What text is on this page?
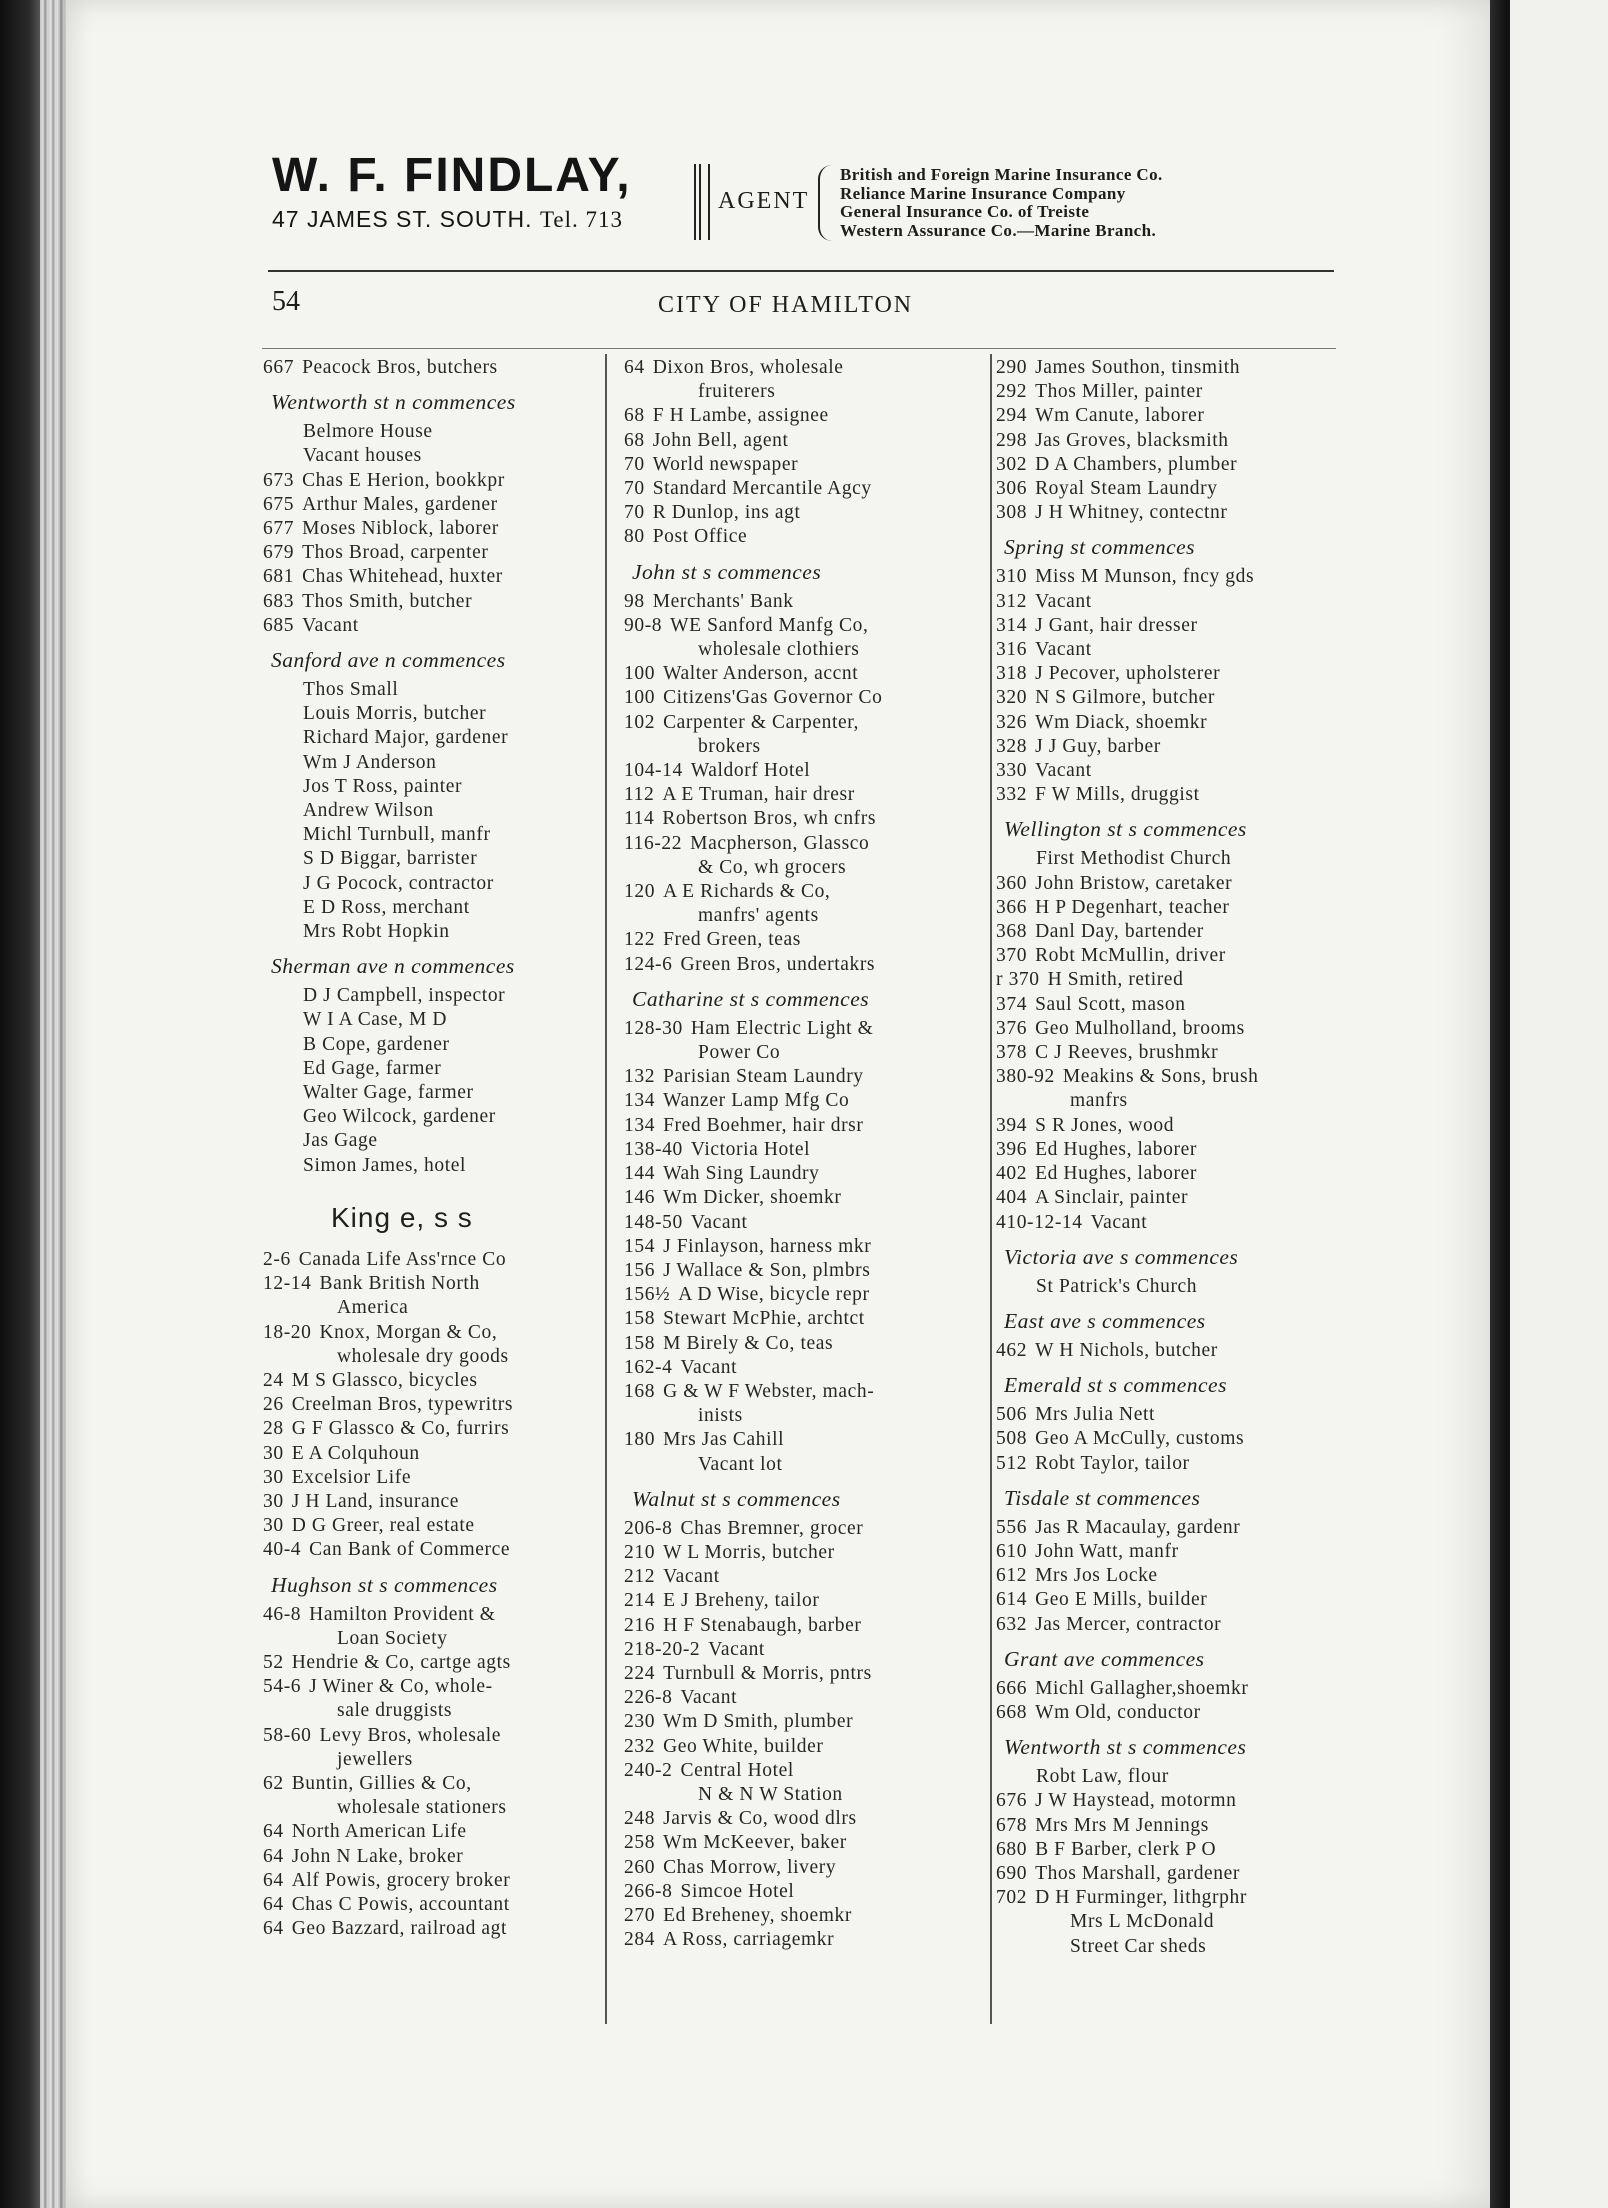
W. F. FINDLAY,
47 JAMES ST. SOUTH. Tel. 713
AGENT
British and Foreign Marine Insurance Co.
Reliance Marine Insurance Company
General Insurance Co. of Treiste
Western Assurance Co.—Marine Branch.
54	CITY OF HAMILTON
667 Peacock Bros, butchers
Wentworth st n commences
Belmore House
Vacant houses
673 Chas E Herion, bookkpr
675 Arthur Males, gardener
677 Moses Niblock, laborer
679 Thos Broad, carpenter
681 Chas Whitehead, huxter
683 Thos Smith, butcher
685 Vacant
Sanford ave n commences
Thos Small
Louis Morris, butcher
Richard Major, gardener
Wm J Anderson
Jos T Ross, painter
Andrew Wilson
Michl Turnbull, manfr
S D Biggar, barrister
J G Pocock, contractor
E D Ross, merchant
Mrs Robt Hopkin
Sherman ave n commences
D J Campbell, inspector
W I A Case, M D
B Cope, gardener
Ed Gage, farmer
Walter Gage, farmer
Geo Wilcock, gardener
Jas Gage
Simon James, hotel
King e, s s
2-6 Canada Life Ass'rnce Co
12-14 Bank British North
America
18-20 Knox, Morgan & Co,
wholesale dry goods
24 M S Glassco, bicycles
26 Creelman Bros, typewritrs
28 G F Glassco & Co, furrirs
30 E A Colquhoun
30 Excelsior Life
30 J H Land, insurance
30 D G Greer, real estate
40-4 Can Bank of Commerce
Hughson st s commences
46-8 Hamilton Provident &
Loan Society
52 Hendrie & Co, cartge agts
54-6 J Winer & Co, whole-
sale druggists
58-60 Levy Bros, wholesale
jewellers
62 Buntin, Gillies & Co,
wholesale stationers
64 North American Life
64 John N Lake, broker
64 Alf Powis, grocery broker
64 Chas C Powis, accountant
64 Geo Bazzard, railroad agt
64 Dixon Bros, wholesale
fruiterers
68 F H Lambe, assignee
68 John Bell, agent
70 World newspaper
70 Standard Mercantile Agcy
70 R Dunlop, ins agt
80 Post Office
John st s commences
98 Merchants' Bank
90-8 WE Sanford Manfg Co,
wholesale clothiers
100 Walter Anderson, accnt
100 Citizens'Gas Governor Co
102 Carpenter & Carpenter,
brokers
104-14 Waldorf Hotel
112 A E Truman, hair dresr
114 Robertson Bros, wh cnfrs
116-22 Macpherson, Glassco
& Co, wh grocers
120 A E Richards & Co,
manfrs' agents
122 Fred Green, teas
124-6 Green Bros, undertakrs
Catharine st s commences
128-30 Ham Electric Light &
Power Co
132 Parisian Steam Laundry
134 Wanzer Lamp Mfg Co
134 Fred Boehmer, hair drsr
138-40 Victoria Hotel
144 Wah Sing Laundry
146 Wm Dicker, shoemkr
148-50 Vacant
154 J Finlayson, harness mkr
156 J Wallace & Son, plmbrs
156½ A D Wise, bicycle repr
158 Stewart McPhie, archtct
158 M Birely & Co, teas
162-4 Vacant
168 G & W F Webster, mach-
inists
180 Mrs Jas Cahill
Vacant lot
Walnut st s commences
206-8 Chas Bremner, grocer
210 W L Morris, butcher
212 Vacant
214 E J Breheny, tailor
216 H F Stenabaugh, barber
218-20-2 Vacant
224 Turnbull & Morris, pntrs
226-8 Vacant
230 Wm D Smith, plumber
232 Geo White, builder
240-2 Central Hotel
N & N W Station
248 Jarvis & Co, wood dlrs
258 Wm McKeever, baker
260 Chas Morrow, livery
266-8 Simcoe Hotel
270 Ed Breheney, shoemkr
284 A Ross, carriagemkr
290 James Southon, tinsmith
292 Thos Miller, painter
294 Wm Canute, laborer
298 Jas Groves, blacksmith
302 D A Chambers, plumber
306 Royal Steam Laundry
308 J H Whitney, contectnr
Spring st commences
310 Miss M Munson, fncy gds
312 Vacant
314 J Gant, hair dresser
316 Vacant
318 J Pecover, upholsterer
320 N S Gilmore, butcher
326 Wm Diack, shoemkr
328 J J Guy, barber
330 Vacant
332 F W Mills, druggist
Wellington st s commences
First Methodist Church
360 John Bristow, caretaker
366 H P Degenhart, teacher
368 Danl Day, bartender
370 Robt McMullin, driver
r 370 H Smith, retired
374 Saul Scott, mason
376 Geo Mulholland, brooms
378 C J Reeves, brushmkr
380-92 Meakins & Sons, brush
manfrs
394 S R Jones, wood
396 Ed Hughes, laborer
402 Ed Hughes, laborer
404 A Sinclair, painter
410-12-14 Vacant
Victoria ave s commences
St Patrick's Church
East ave s commences
462 W H Nichols, butcher
Emerald st s commences
506 Mrs Julia Nett
508 Geo A McCully, customs
512 Robt Taylor, tailor
Tisdale st commences
556 Jas R Macaulay, gardenr
610 John Watt, manfr
612 Mrs Jos Locke
614 Geo E Mills, builder
632 Jas Mercer, contractor
Grant ave commences
666 Michl Gallagher,shoemkr
668 Wm Old, conductor
Wentworth st s commences
Robt Law, flour
676 J W Haystead, motormn
678 Mrs Mrs M Jennings
680 B F Barber, clerk P O
690 Thos Marshall, gardener
702 D H Furminger, lithgrphr
Mrs L McDonald
Street Car sheds
